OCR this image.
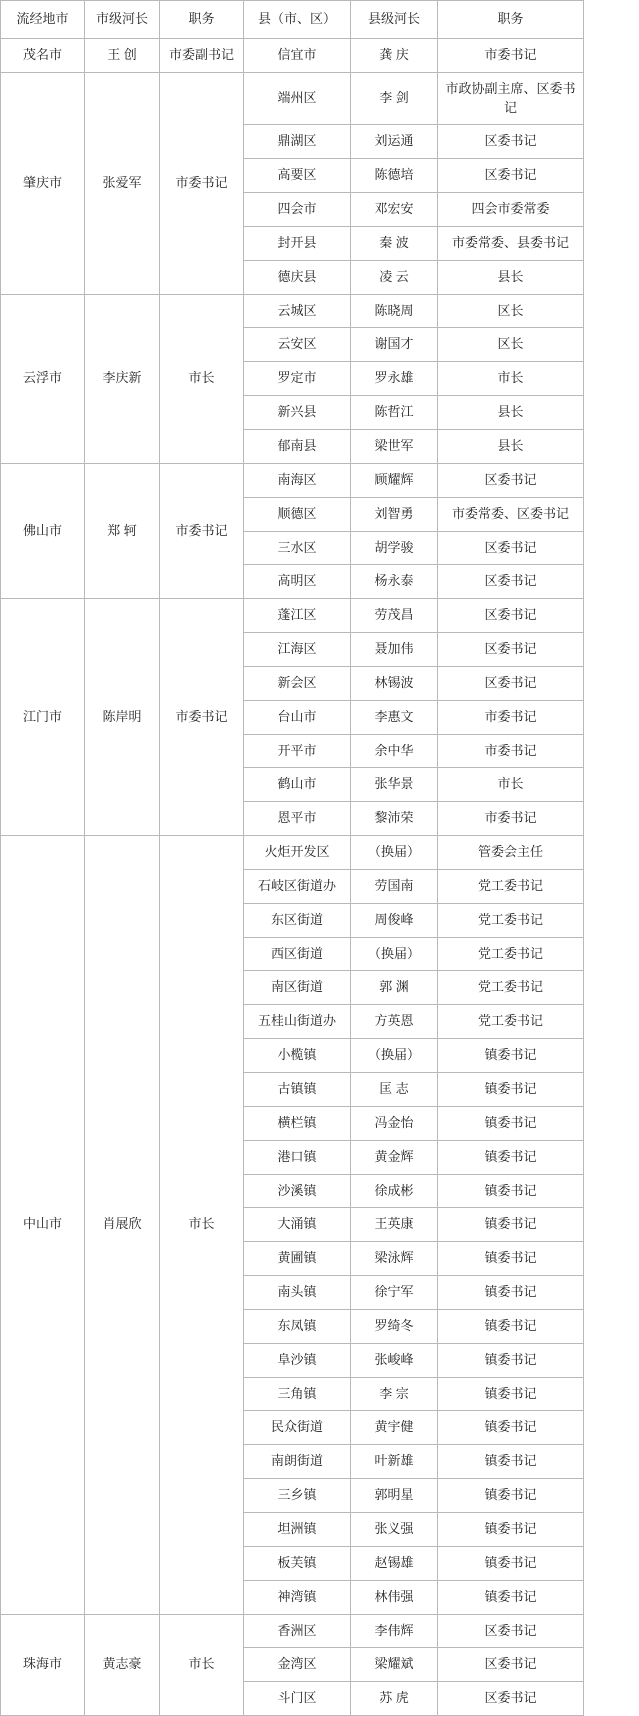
流经地市	市级河长	职务	县（市、区）	县级河长	职务
茂名市	王 创	市委副书记	信宜市	龚 庆	市委书记
肇庆市	张爱军	市委书记	端州区	李 剑	市政协副主席、区委书记
			鼎湖区	刘运通	区委书记
			高要区	陈德培	区委书记
			四会市	邓宏安	四会市委常委
			封开县	秦 波	市委常委、县委书记
			德庆县	凌 云	县长
云浮市	李庆新	市长	云城区	陈晓周	区长
			云安区	谢国才	区长
			罗定市	罗永雄	市长
			新兴县	陈哲江	县长
			郁南县	梁世军	县长
佛山市	郑 轲	市委书记	南海区	顾耀辉	区委书记
			顺德区	刘智勇	市委常委、区委书记
			三水区	胡学骏	区委书记
			高明区	杨永泰	区委书记
江门市	陈岸明	市委书记	蓬江区	劳茂昌	区委书记
			江海区	聂加伟	区委书记
			新会区	林锡波	区委书记
			台山市	李惠文	市委书记
			开平市	余中华	市委书记
			鹤山市	张华景	市长
			恩平市	黎沛荣	市委书记
中山市	肖展欣	市长	火炬开发区	（换届）	管委会主任
			石岐区街道办	劳国南	党工委书记
			东区街道	周俊峰	党工委书记
			西区街道	（换届）	党工委书记
			南区街道	郭 渊	党工委书记
			五桂山街道办	方英恩	党工委书记
			小榄镇	（换届）	镇委书记
			古镇镇	匡 志	镇委书记
			横栏镇	冯金怡	镇委书记
			港口镇	黄金辉	镇委书记
			沙溪镇	徐成彬	镇委书记
			大涌镇	王英康	镇委书记
			黄圃镇	梁泳辉	镇委书记
			南头镇	徐宁军	镇委书记
			东凤镇	罗绮冬	镇委书记
			阜沙镇	张峻峰	镇委书记
			三角镇	李 宗	镇委书记
			民众街道	黄宇健	镇委书记
			南朗街道	叶新雄	镇委书记
			三乡镇	郭明星	镇委书记
			坦洲镇	张义强	镇委书记
			板芙镇	赵锡雄	镇委书记
			神湾镇	林伟强	镇委书记
珠海市	黄志豪	市长	香洲区	李伟辉	区委书记
			金湾区	梁耀斌	区委书记
			斗门区	苏 虎	区委书记
